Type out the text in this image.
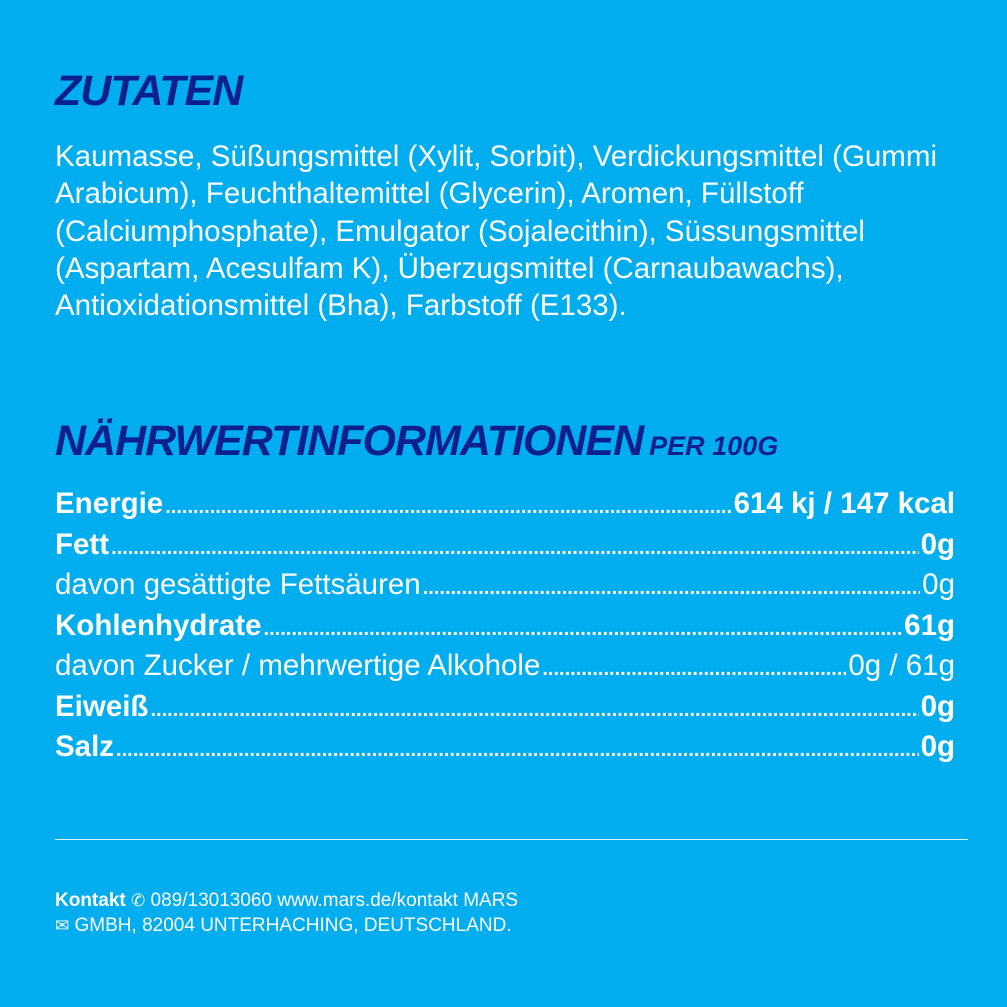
ZUTATEN

Kaumasse, Süßungsmittel (Xylit, Sorbit), Verdickungsmittel (Gummi Arabicum), Feuchthaltemittel (Glycerin), Aromen, Füllstoff (Calciumphosphate), Emulgator (Sojalecithin), Süssungsmittel (Aspartam, Acesulfam K), Überzugsmittel (Carnaubawachs), Antioxidationsmittel (Bha), Farbstoff (E133).

NÄHRWERTINFORMATIONEN PER 100G
Energie .....	614 kj / 147 kcal
Fett .....	0g
davon gesättigte Fettsäuren .....	0g
Kohlenhydrate .....	61g
davon Zucker / mehrwertige Alkohole .....	0g / 61g
Eiweiß .....	0g
Salz .....	0g

Kontakt ✆ 089/13013060 www.mars.de/kontakt MARS
✉ GMBH, 82004 UNTERHACHING, DEUTSCHLAND.
